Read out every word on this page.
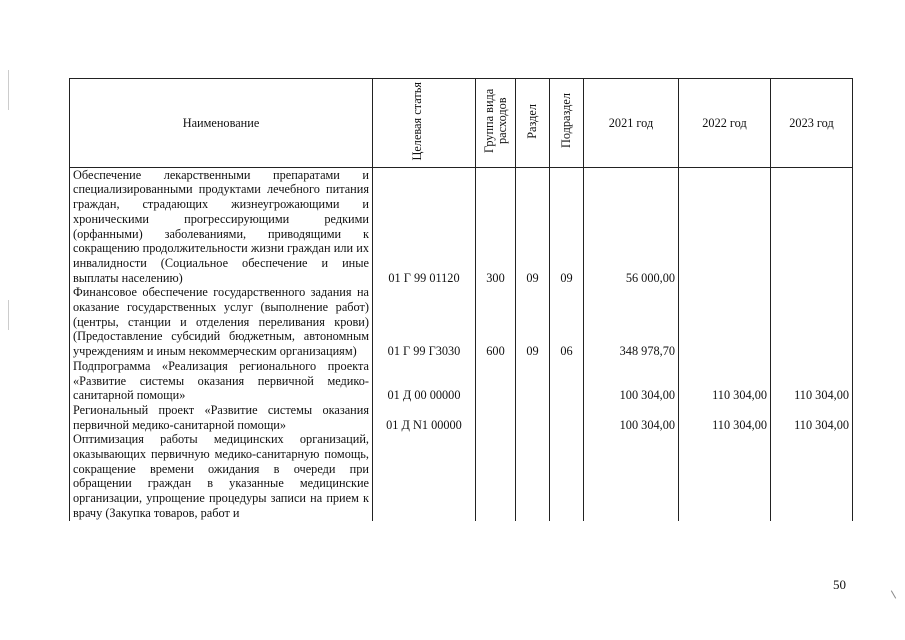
Наименование	Целевая статья	Группа вида расходов	Раздел	Подраздел	2021 год	2022 год	2023 год
Обеспечение лекарственными препаратами и специализированными продуктами лечебного питания граждан, страдающих жизнеугрожающими и хроническими прогрессирующими редкими (орфанными) заболеваниями, приводящими к сокращению продолжительности жизни граждан или их инвалидности (Социальное обеспечение и иные выплаты населению)	01 Г 99 01120	300	09	09	56 000,00		
Финансовое обеспечение государственного задания на оказание государственных услуг (выполнение работ) (центры, станции и отделения переливания крови) (Предоставление субсидий бюджетным, автономным учреждениям и иным некоммерческим организациям)	01 Г 99 Г3030	600	09	06	348 978,70		
Подпрограмма «Реализация регионального проекта «Развитие системы оказания первичной медико-санитарной помощи»	01 Д 00 00000				100 304,00	110 304,00	110 304,00
Региональный проект «Развитие системы оказания первичной медико-санитарной помощи»	01 Д N1 00000				100 304,00	110 304,00	110 304,00
Оптимизация работы медицинских организаций, оказывающих первичную медико-санитарную помощь, сокращение времени ожидания в очереди при обращении граждан в указанные медицинские организации, упрощение процедуры записи на прием к врачу (Закупка товаров, работ и							
50
